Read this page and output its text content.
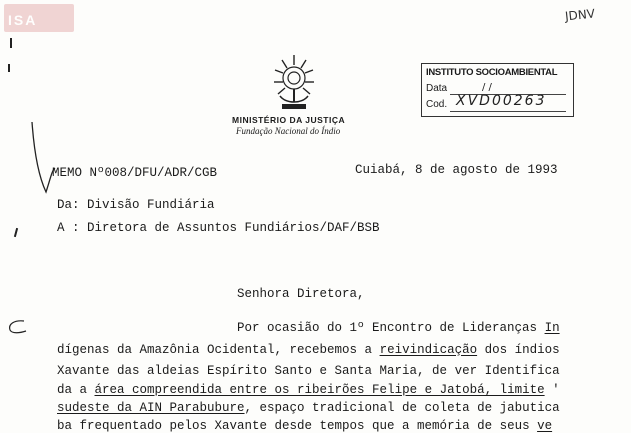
ISA	JDNV
MINISTÉRIO DA JUSTIÇA
Fundação Nacional do Índio
INSTITUTO SOCIOAMBIENTAL
Data	/ /
Cod. XVD00263
MEMO Nº008/DFU/ADR/CGB	Cuiabá, 8 de agosto de 1993
Da: Divisão Fundiária
A : Diretora de Assuntos Fundiários/DAF/BSB
Senhora Diretora,
Por ocasião do 1º Encontro de Lideranças In
dígenas da Amazônia Ocidental, recebemos a reivindicação dos índios
Xavante das aldeias Espírito Santo e Santa Maria, de ver Identifica
da a área compreendida entre os ribeirões Felipe e Jatobá, limite '
sudeste da AIN Parabubure, espaço tradicional de coleta de jabutica
ba frequentado pelos Xavante desde tempos que a memória de seus ve
